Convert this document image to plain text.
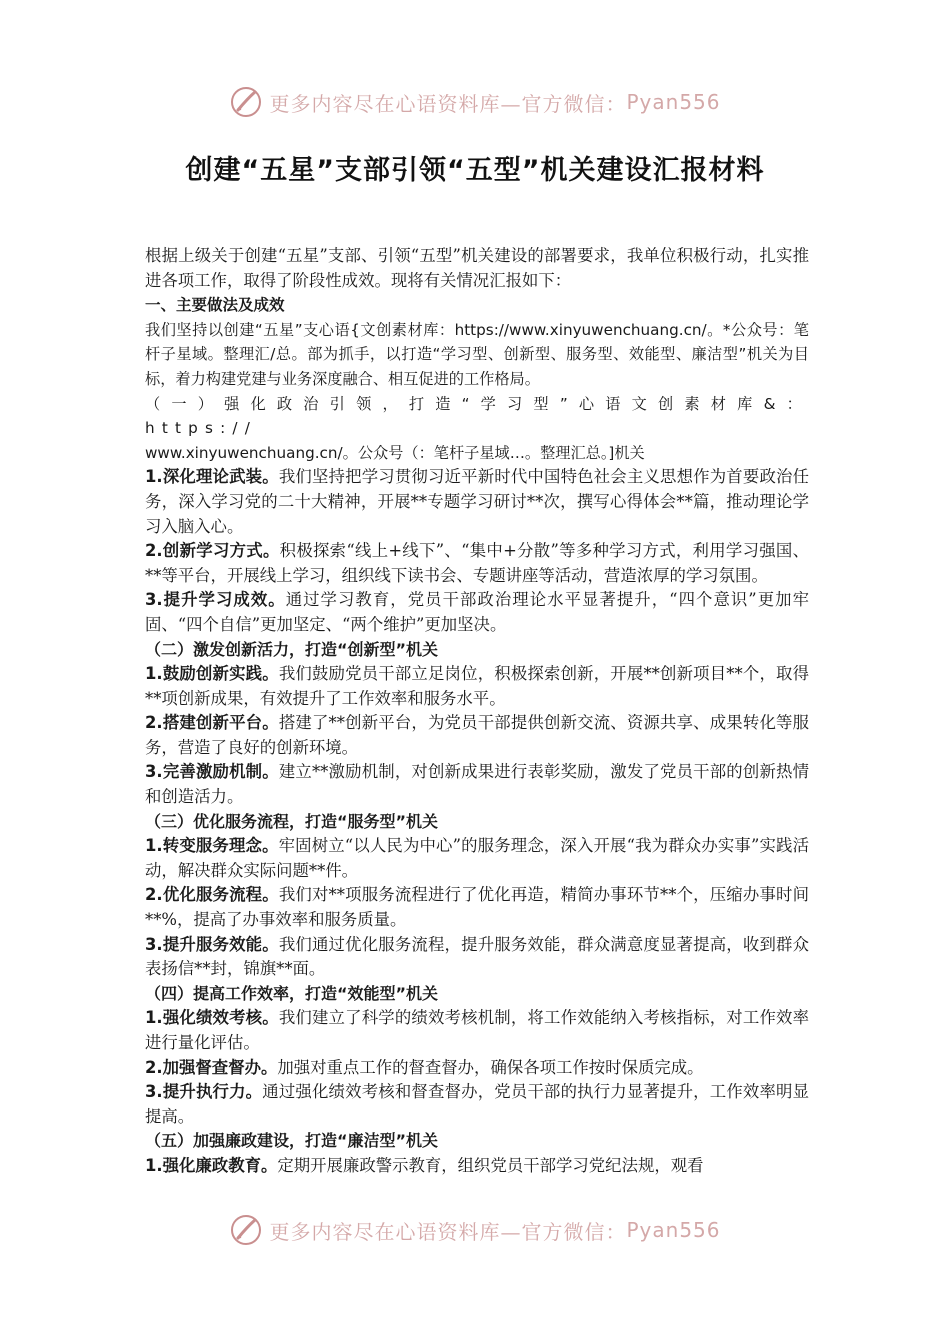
更多内容尽在心语资料库—官方微信： Pyan556
创建“五星”支部引领“五型”机关建设汇报材料

根据上级关于创建“五星”支部、引领“五型”机关建设的部署要求，我单位积极行动，扎实推进各项工作，取得了阶段性成效。现将有关情况汇报如下：

一、主要做法及成效

我们坚持以创建“五星”支心语{文创素材库：https://www.xinyuwenchuang.cn/。*公众号：笔杆子星域。整理汇/总。部为抓手，以打造“学习型、创新型、服务型、效能型、廉洁型”机关为目标，着力构建党建与业务深度融合、相互促进的工作格局。

（一）强化政治引领，打造“学习型”心语文创素材库&：https://

www.xinyuwenchuang.cn/。公众号（：笔杆子星域…。整理汇总。]机关

1.深化理论武装。我们坚持把学习贯彻习近平新时代中国特色社会主义思想作为首要政治任务，深入学习党的二十大精神，开展**专题学习研讨**次，撰写心得体会**篇，推动理论学习入脑入心。

2.创新学习方式。积极探索“线上+线下”、“集中+分散”等多种学习方式，利用学习强国、**等平台，开展线上学习，组织线下读书会、专题讲座等活动，营造浓厚的学习氛围。

3.提升学习成效。通过学习教育，党员干部政治理论水平显著提升，“四个意识”更加牢固、“四个自信”更加坚定、“两个维护”更加坚决。

（二）激发创新活力，打造“创新型”机关

1.鼓励创新实践。我们鼓励党员干部立足岗位，积极探索创新，开展**创新项目**个，取得**项创新成果，有效提升了工作效率和服务水平。

2.搭建创新平台。搭建了**创新平台，为党员干部提供创新交流、资源共享、成果转化等服务，营造了良好的创新环境。

3.完善激励机制。建立**激励机制，对创新成果进行表彰奖励，激发了党员干部的创新热情和创造活力。

（三）优化服务流程，打造“服务型”机关

1.转变服务理念。牢固树立“以人民为中心”的服务理念，深入开展“我为群众办实事”实践活动，解决群众实际问题**件。

2.优化服务流程。我们对**项服务流程进行了优化再造，精简办事环节**个，压缩办事时间**%，提高了办事效率和服务质量。

3.提升服务效能。我们通过优化服务流程，提升服务效能，群众满意度显著提高，收到群众表扬信**封，锦旗**面。

（四）提高工作效率，打造“效能型”机关

1.强化绩效考核。我们建立了科学的绩效考核机制，将工作效能纳入考核指标，对工作效率进行量化评估。

2.加强督查督办。加强对重点工作的督查督办，确保各项工作按时保质完成。

3.提升执行力。通过强化绩效考核和督查督办，党员干部的执行力显著提升，工作效率明显提高。

（五）加强廉政建设，打造“廉洁型”机关

1.强化廉政教育。定期开展廉政警示教育，组织党员干部学习党纪法规，观看

更多内容尽在心语资料库—官方微信： Pyan556
